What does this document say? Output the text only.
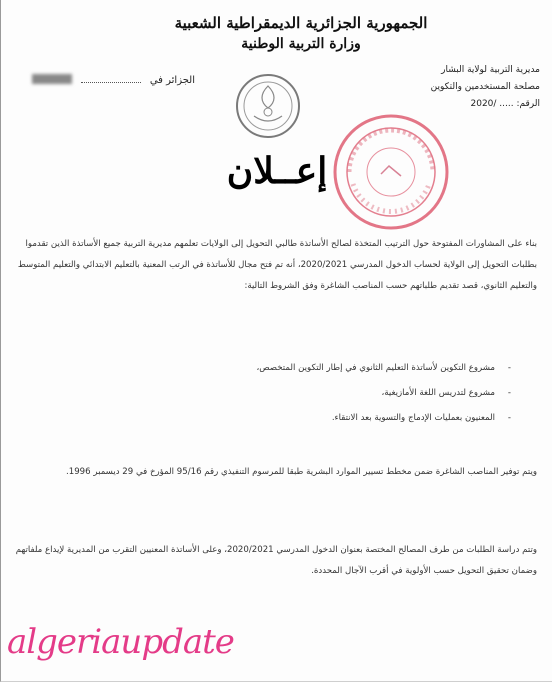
الجمهورية الجزائرية الديمقراطية الشعبية
وزارة التربية الوطنية
الجزائر في
مديرية التربية لولاية البشار
مصلحة المستخدمين والتكوين
الرقم: ..... /2020
إعــلان
بناء على المشاورات المفتوحة حول الترتيب المتخذة لصالح الأساتذة طالبي التحويل إلى الولايات تعلمهم مديرية التربية جميع الأساتذة الذين تقدموا بطلبات التحويل إلى الولاية لحساب الدخول المدرسي 2020/2021، أنه تم فتح مجال للأساتذة في الرتب المعنية بالتعليم الابتدائي والتعليم المتوسط والتعليم الثانوي، قصد تقديم طلباتهم حسب المناصب الشاغرة وفق الشروط التالية:
- مشروع التكوين لأساتذة التعليم الثانوي في إطار التكوين المتخصص،
- مشروع لتدريس اللغة الأمازيغية،
- المعنيون بعمليات الإدماج والتسوية بعد الانتقاء.
ويتم توفير المناصب الشاغرة ضمن مخطط تسيير الموارد البشرية طبقا للمرسوم التنفيذي رقم 95/16 المؤرخ في 29 ديسمبر 1996.
وتتم دراسة الطلبات من طرف المصالح المختصة بعنوان الدخول المدرسي 2020/2021، وعلى الأساتذة المعنيين التقرب من المديرية لإيداع ملفاتهم وضمان تحقيق التحويل حسب الأولوية في أقرب الآجال المحددة.
algeriaupdate
